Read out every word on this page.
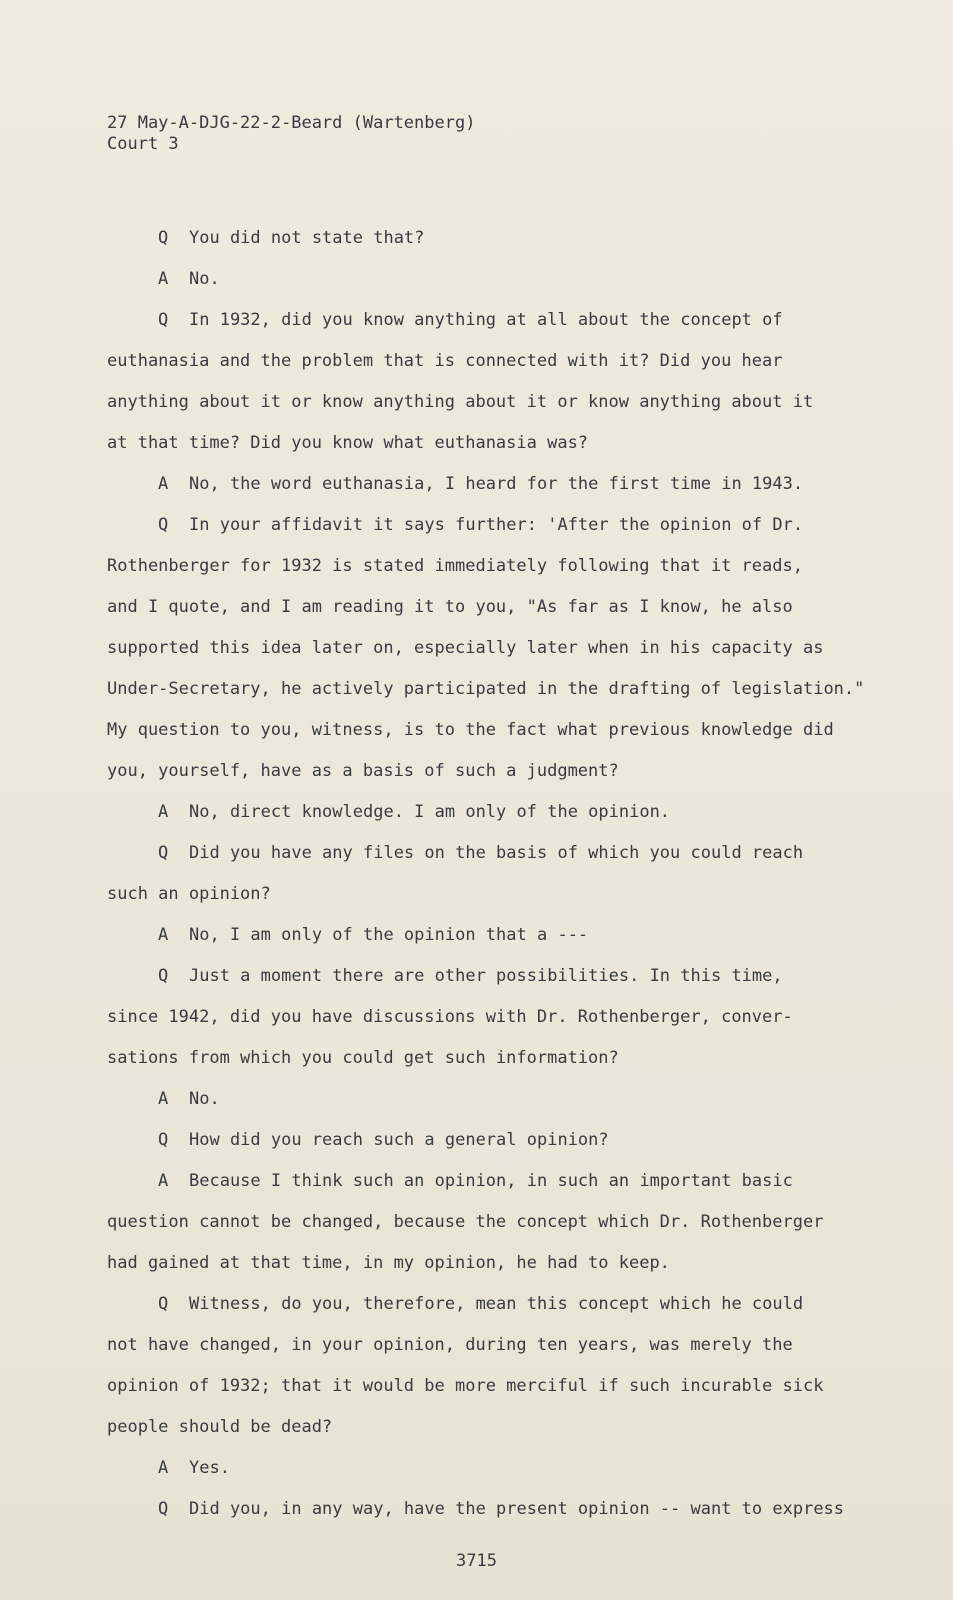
27 May-A-DJG-22-2-Beard (Wartenberg)
Court 3
Q You did not state that?
A No.
Q In 1932, did you know anything at all about the concept of
euthanasia and the problem that is connected with it? Did you hear
anything about it or know anything about it or know anything about it
at that time? Did you know what euthanasia was?
A No, the word euthanasia, I heard for the first time in 1943.
Q In your affidavit it says further: 'After the opinion of Dr.
Rothenberger for 1932 is stated immediately following that it reads,
and I quote, and I am reading it to you, "As far as I know, he also
supported this idea later on, especially later when in his capacity as
Under-Secretary, he actively participated in the drafting of legislation."
My question to you, witness, is to the fact what previous knowledge did
you, yourself, have as a basis of such a judgment?
A No, direct knowledge. I am only of the opinion.
Q Did you have any files on the basis of which you could reach
such an opinion?
A No, I am only of the opinion that a ---
Q Just a moment there are other possibilities. In this time,
since 1942, did you have discussions with Dr. Rothenberger, conver-
sations from which you could get such information?
A No.
Q How did you reach such a general opinion?
A Because I think such an opinion, in such an important basic
question cannot be changed, because the concept which Dr. Rothenberger
had gained at that time, in my opinion, he had to keep.
Q Witness, do you, therefore, mean this concept which he could
not have changed, in your opinion, during ten years, was merely the
opinion of 1932; that it would be more merciful if such incurable sick
people should be dead?
A Yes.
Q Did you, in any way, have the present opinion -- want to express
3715
